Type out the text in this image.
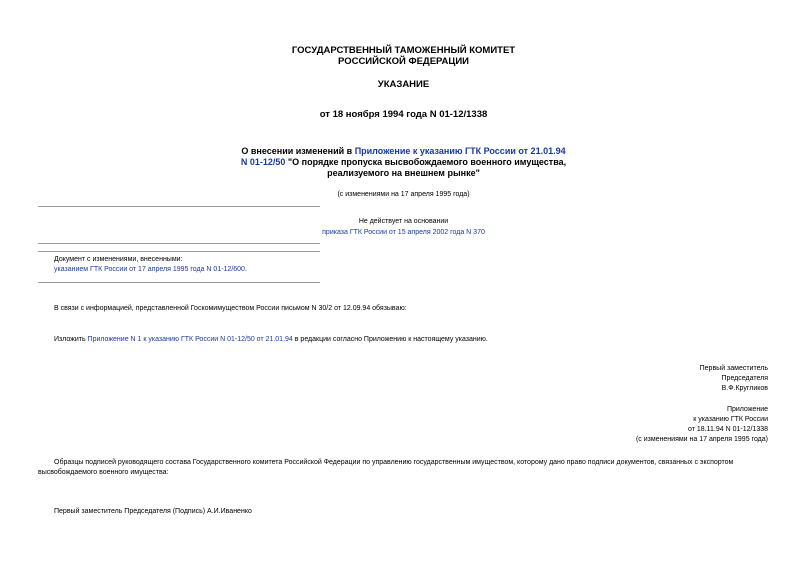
ГОСУДАРСТВЕННЫЙ ТАМОЖЕННЫЙ КОМИТЕТ
РОССИЙСКОЙ ФЕДЕРАЦИИ
УКАЗАНИЕ
от 18 ноября 1994 года N 01-12/1338
О внесении изменений в Приложение к указанию ГТК России от 21.01.94
N 01-12/50 "О порядке пропуска высвобождаемого военного имущества,
реализуемого на внешнем рынке"
(с изменениями на 17 апреля 1995 года)
Не действует на основании
приказа ГТК России от 15 апреля 2002 года N 370
Документ с изменениями, внесенными:
указанием ГТК России от 17 апреля 1995 года N 01-12/600.
В связи с информацией, представленной Госкомимуществом России письмом N 30/2 от 12.09.94 обязываю:
Изложить Приложение N 1 к указанию ГТК России N 01-12/50 от 21.01.94 в редакции согласно Приложению к настоящему указанию.
Первый заместитель
Председателя
В.Ф.Кругликов
Приложение
к указанию ГТК России
от 18.11.94 N 01-12/1338
(с изменениями на 17 апреля 1995 года)
Образцы подписей руководящего состава Государственного комитета Российской Федерации по управлению государственным имуществом, которому дано право подписи документов, связанных с экспортом
высвобождаемого военного имущества:
Первый заместитель Председателя (Подпись) А.И.Иваненко
